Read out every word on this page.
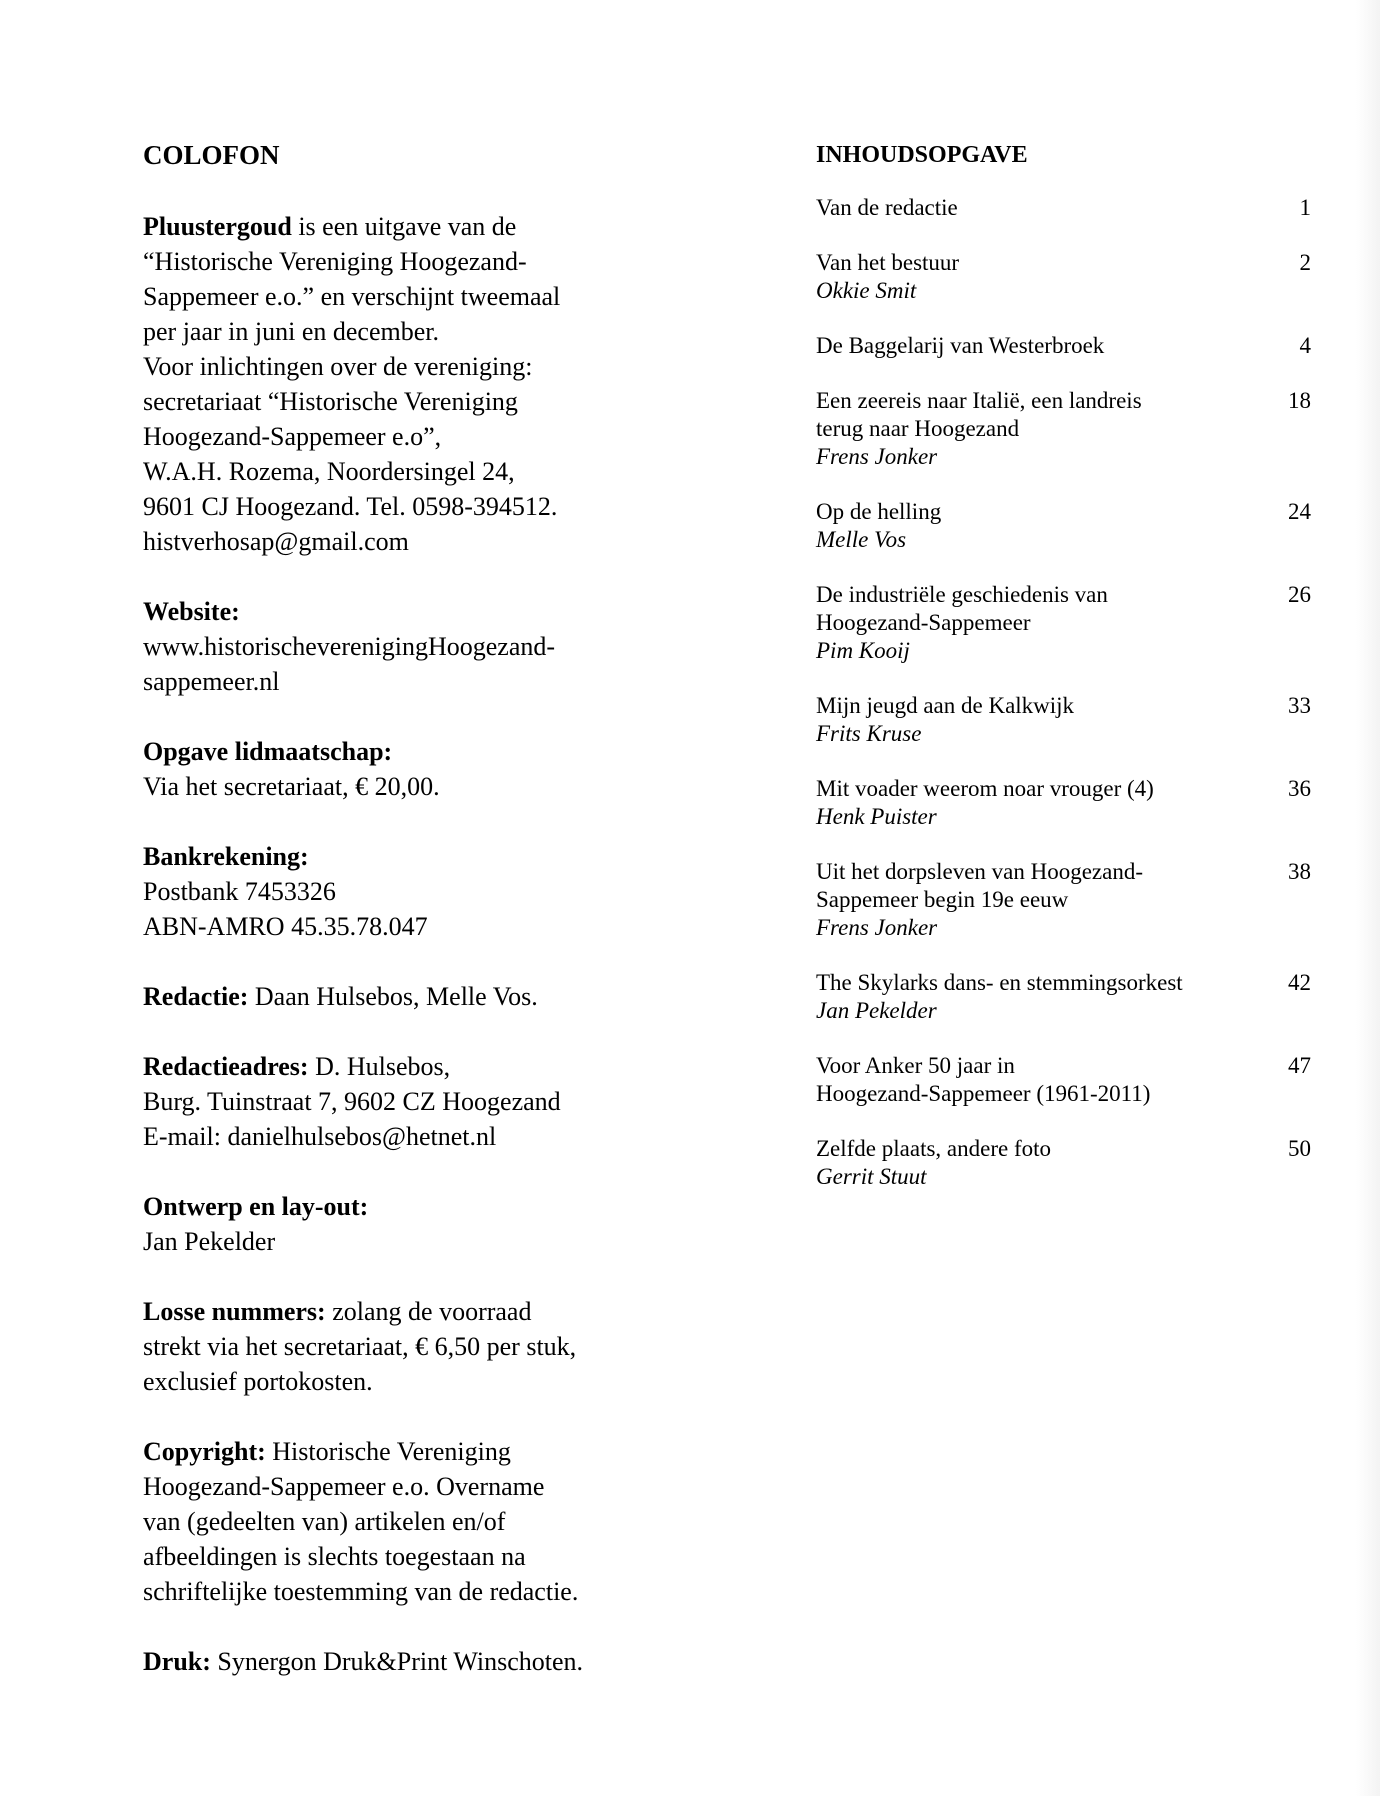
COLOFON
Pluustergoud is een uitgave van de
“Historische Vereniging Hoogezand-
Sappemeer e.o.” en verschijnt tweemaal
per jaar in juni en december.
Voor inlichtingen over de vereniging:
secretariaat “Historische Vereniging
Hoogezand-Sappemeer e.o”,
W.A.H. Rozema, Noordersingel 24,
9601 CJ Hoogezand. Tel. 0598-394512.
histverhosap@gmail.com
Website:
www.historischeverenigingHoogezand-
sappemeer.nl
Opgave lidmaatschap:
Via het secretariaat, € 20,00.
Bankrekening:
Postbank 7453326
ABN-AMRO 45.35.78.047
Redactie: Daan Hulsebos, Melle Vos.
Redactieadres: D. Hulsebos,
Burg. Tuinstraat 7, 9602 CZ Hoogezand
E-mail: danielhulsebos@hetnet.nl
Ontwerp en lay-out:
Jan Pekelder
Losse nummers: zolang de voorraad
strekt via het secretariaat, € 6,50 per stuk,
exclusief portokosten.
Copyright: Historische Vereniging
Hoogezand-Sappemeer e.o. Overname
van (gedeelten van) artikelen en/of
afbeeldingen is slechts toegestaan na
schriftelijke toestemming van de redactie.
Druk: Synergon Druk&Print Winschoten.
INHOUDSOPGAVE
Van de redactie	1
Van het bestuur
Okkie Smit
2
De Baggelarij van Westerbroek	4
Een zeereis naar Italië, een landreis
terug naar Hoogezand
Frens Jonker
18
Op de helling
Melle Vos
24
De industriële geschiedenis van
Hoogezand-Sappemeer
Pim Kooij
26
Mijn jeugd aan de Kalkwijk
Frits Kruse
33
Mit voader weerom noar vrouger (4)
Henk Puister
36
Uit het dorpsleven van Hoogezand-
Sappemeer begin 19e eeuw
Frens Jonker
38
The Skylarks dans- en stemmingsorkest
Jan Pekelder
42
Voor Anker 50 jaar in
Hoogezand-Sappemeer (1961-2011)
47
Zelfde plaats, andere foto
Gerrit Stuut
50
